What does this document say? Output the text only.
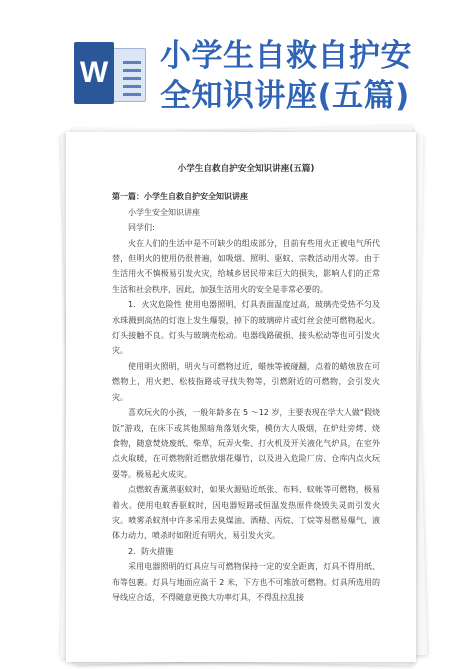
W 小学生自救自护安
全知识讲座(五篇)

小学生自救自护安全知识讲座(五篇)

第一篇：小学生自救自护安全知识讲座

小学生安全知识讲座

同学们:

火在人们的生活中是不可缺少的组成部分，目前有些用火正被电气所代替，但明火的使用仍很普遍，如吸烟、照明、驱蚊、宗教活动用火等。由于生活用火不慎极易引发火灾，给城乡居民带来巨大的损失，影响人们的正常生活和社会秩序，因此，加强生活用火的安全是非常必要的。

1．火灾危险性 使用电器照明，灯具表面温度过高，玻璃壳受热不匀及水珠溅到高热的灯泡上发生爆裂，掉下的玻璃碎片或灯丝会使可燃物起火。灯头接触不良。灯头与玻璃壳松动。电器线路破损、接头松动等也可引发火灾。

使用明火照明，明火与可燃物过近，蜡烛等被碰翻，点着的蜡烛放在可燃物上，用火把、松枝指路或寻找失物等，引燃附近的可燃物，会引发火灾。

喜欢玩火的小孩，一般年龄多在 5 ～12 岁，主要表现在学大人做“假烧饭”游戏，在床下或其他黑暗角落划火柴，模仿大人吸烟，在炉灶旁烤、烧食物，随意焚烧废纸、柴草，玩弄火柴、打火机及开关液化气炉具，在室外点火取暖，在可燃物附近燃放烟花爆竹，以及进入危险厂房、仓库内点火玩耍等。极易起火成灾。

点燃蚊香薰蒸驱蚊时，如果火源贴近纸张、布料、蚊帐等可燃物，极易着火。使用电蚊香驱蚊时，因电器短路或恒温发热原件烧毁失灵而引发火灾。喷雾杀蚊剂中许多采用去臭煤油、酒精、丙烷、丁烷等易燃易爆气、液体力动力，喷杀时如附近有明火，易引发火灾。

2．防火措施

采用电器照明的灯具应与可燃物保持一定的安全距离，灯具不得用纸、布等包裹。灯具与地面应高于 2 米，下方也不可堆放可燃物。灯具所选用的导线应合适，不得随意更换大功率灯具，不得乱拉乱接
